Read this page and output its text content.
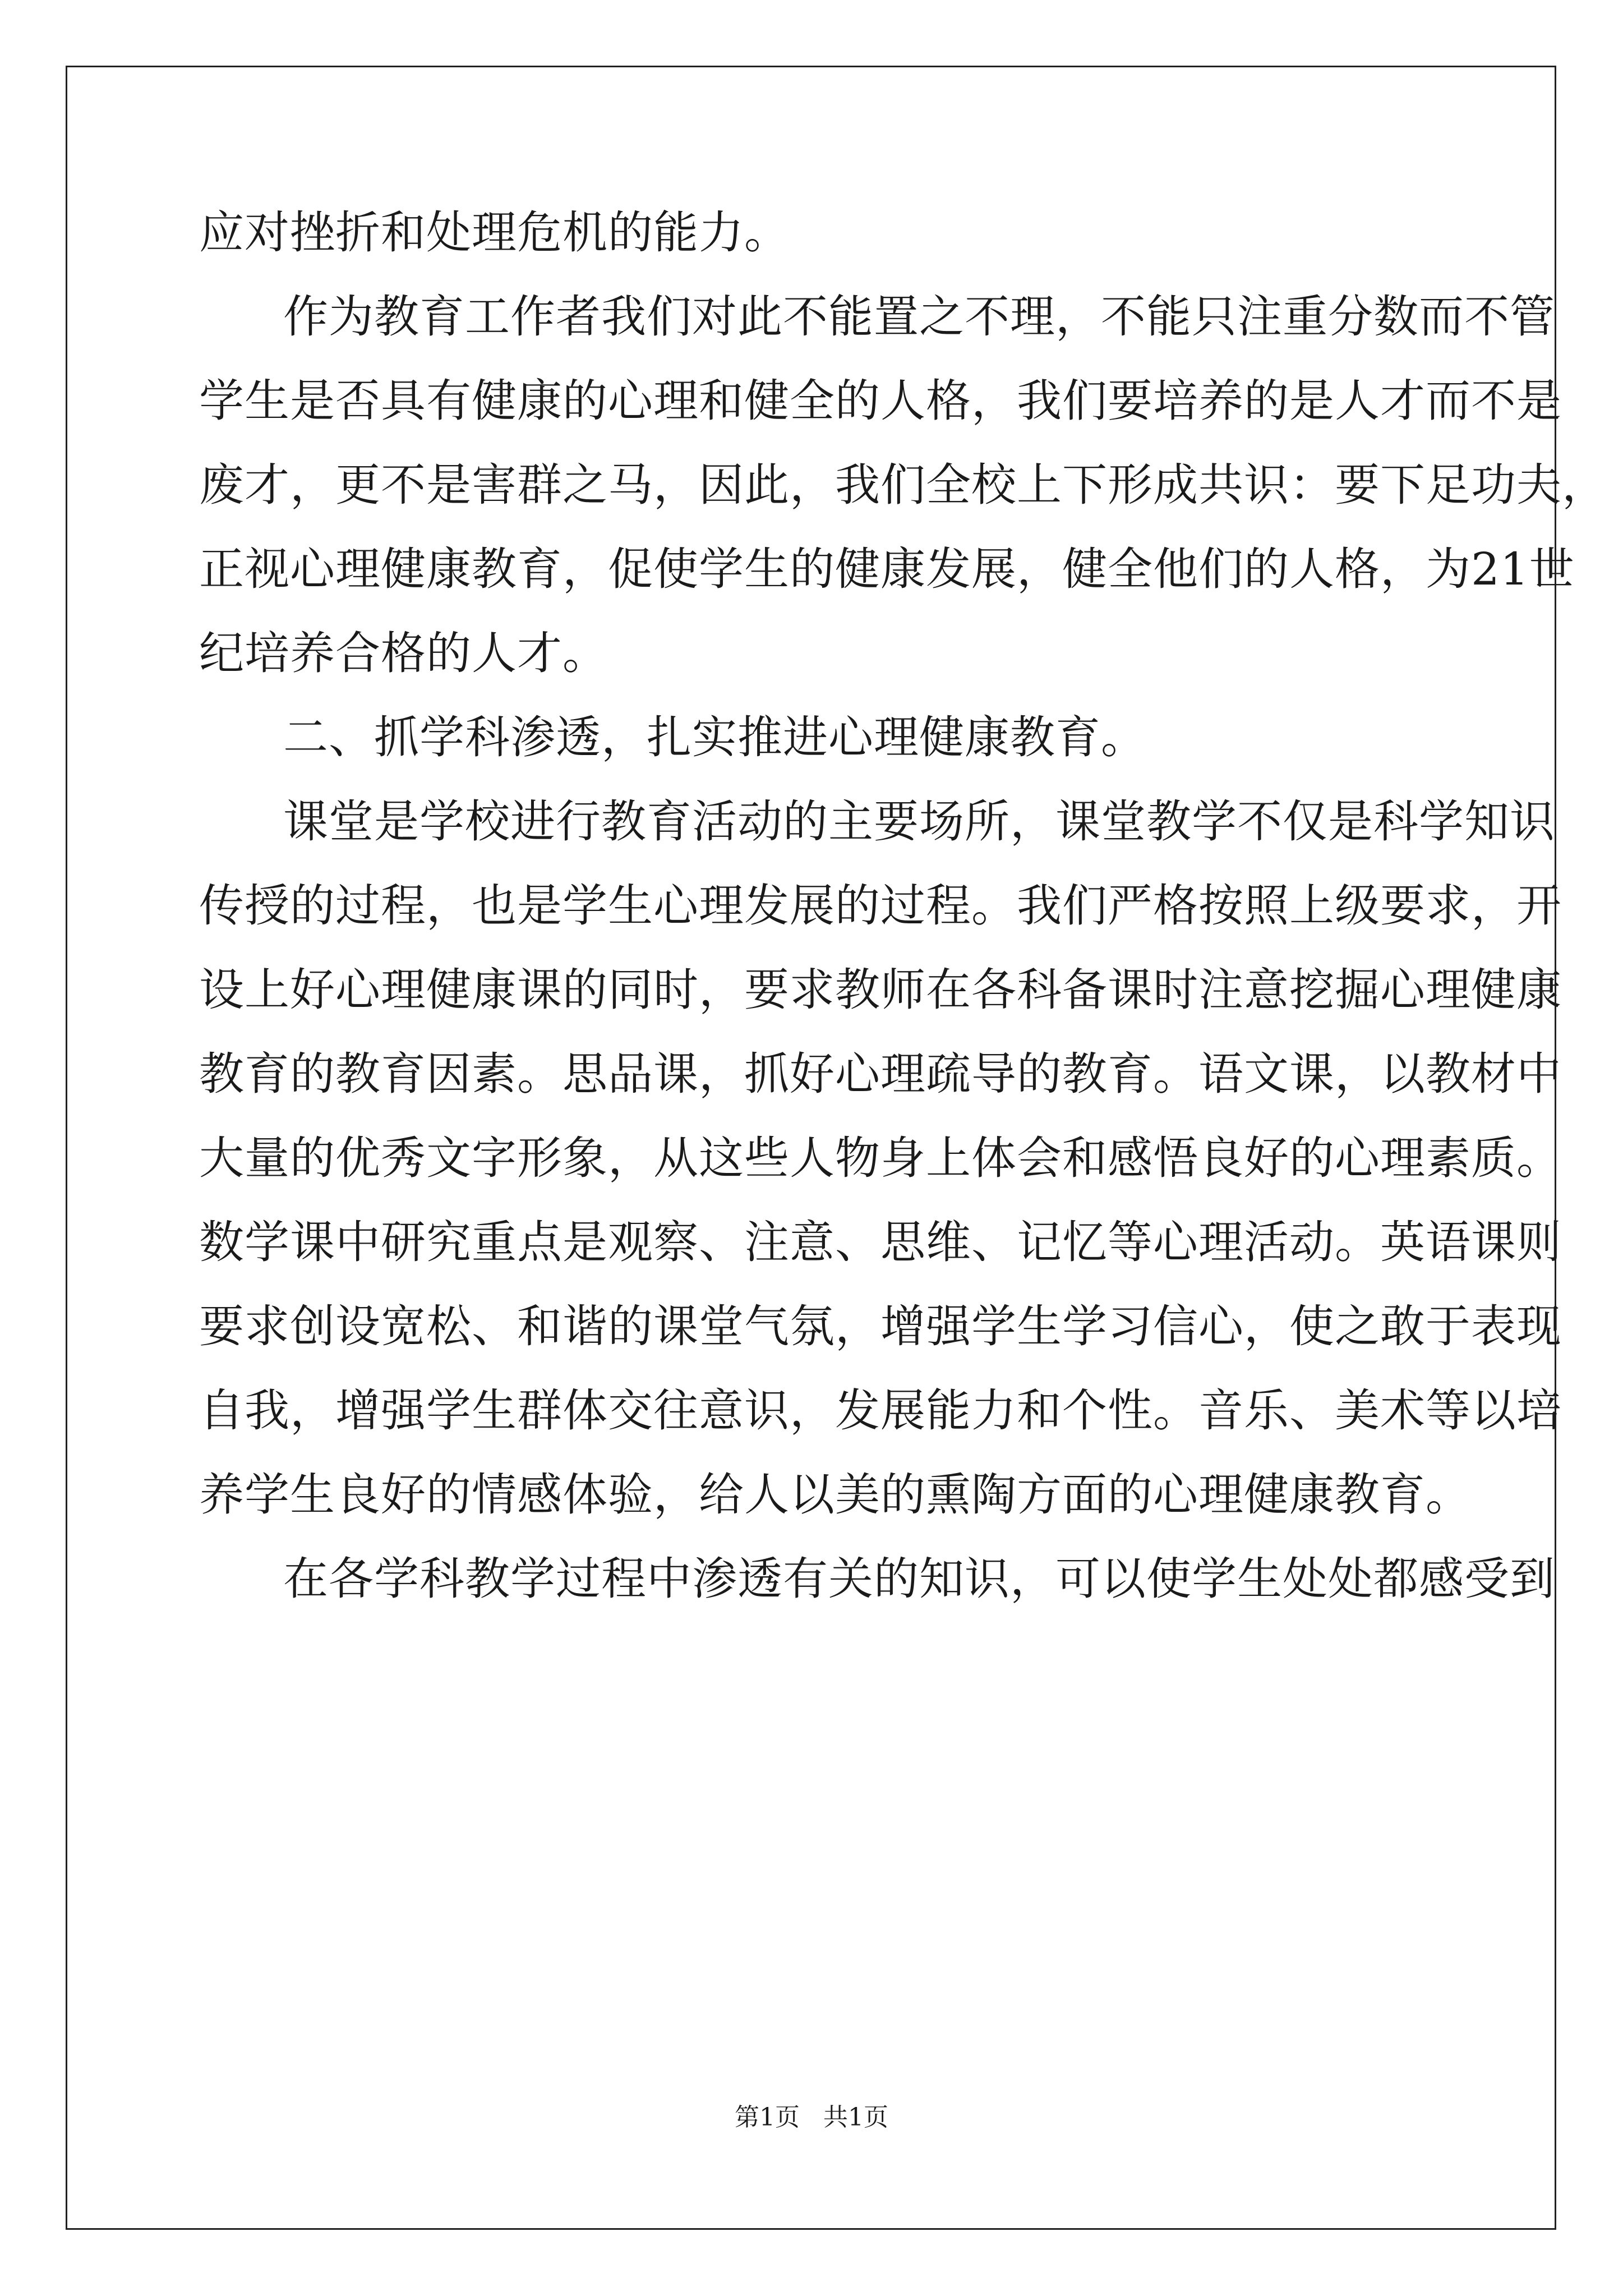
应对挫折和处理危机的能力。
作为教育工作者我们对此不能置之不理，不能只注重分数而不管
学生是否具有健康的心理和健全的人格，我们要培养的是人才而不是
废才，更不是害群之马，因此，我们全校上下形成共识：要下足功夫，
正视心理健康教育，促使学生的健康发展，健全他们的人格，为21世
纪培养合格的人才。
二、抓学科渗透，扎实推进心理健康教育。
课堂是学校进行教育活动的主要场所，课堂教学不仅是科学知识
传授的过程，也是学生心理发展的过程。我们严格按照上级要求，开
设上好心理健康课的同时，要求教师在各科备课时注意挖掘心理健康
教育的教育因素。思品课，抓好心理疏导的教育。语文课，以教材中
大量的优秀文字形象，从这些人物身上体会和感悟良好的心理素质。
数学课中研究重点是观察、注意、思维、记忆等心理活动。英语课则
要求创设宽松、和谐的课堂气氛，增强学生学习信心，使之敢于表现
自我，增强学生群体交往意识，发展能力和个性。音乐、美术等以培
养学生良好的情感体验，给人以美的熏陶方面的心理健康教育。
在各学科教学过程中渗透有关的知识，可以使学生处处都感受到
第1页   共1页
